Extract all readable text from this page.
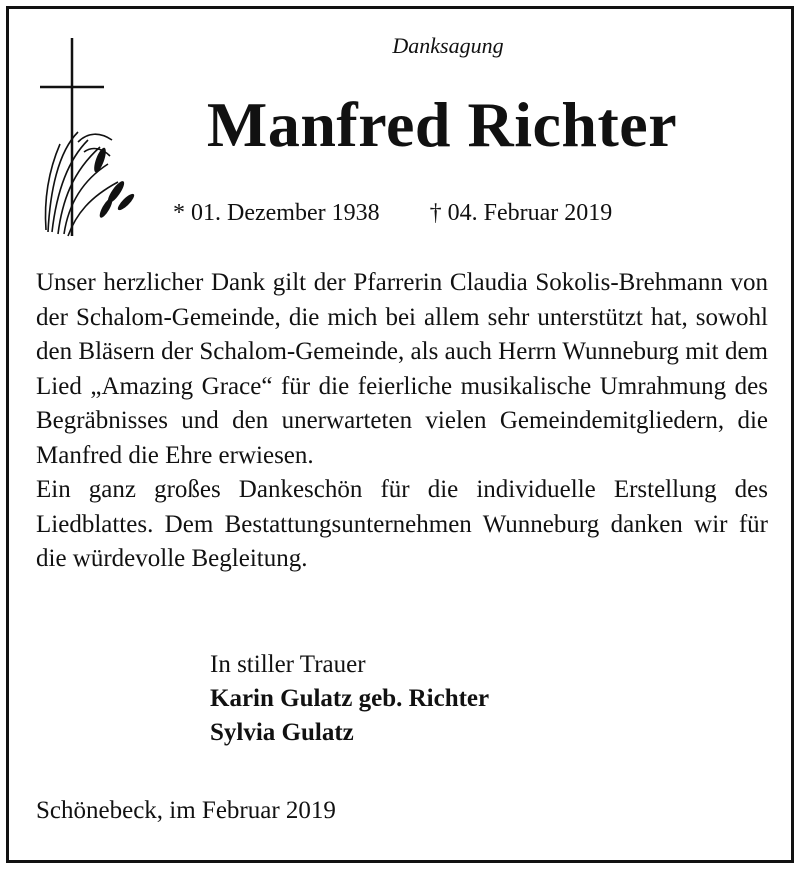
Danksagung
Manfred Richter
* 01. Dezember 1938 † 04. Februar 2019

Unser herzlicher Dank gilt der Pfarrerin Claudia Sokolis-Brehmann von der Schalom-Gemeinde, die mich bei allem sehr unterstützt hat, sowohl den Bläsern der Schalom-Gemeinde, als auch Herrn Wunneburg mit dem Lied „Amazing Grace“ für die feierliche musikalische Umrahmung des Begräbnisses und den unerwarteten vielen Gemeindemitgliedern, die Manfred die Ehre erwiesen.

Ein ganz großes Dankeschön für die individuelle Erstellung des Liedblattes. Dem Bestattungsunternehmen Wunneburg danken wir für die würdevolle Begleitung.

In stiller Trauer
Karin Gulatz geb. Richter
Sylvia Gulatz
Schönebeck, im Februar 2019
